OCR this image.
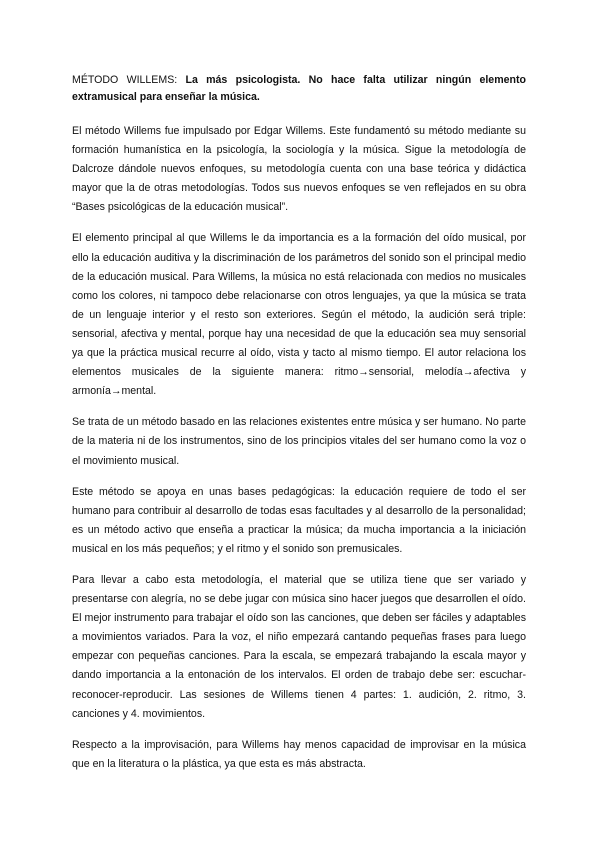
MÉTODO WILLEMS: La más psicologista. No hace falta utilizar ningún elemento extramusical para enseñar la música.

El método Willems fue impulsado por Edgar Willems. Este fundamentó su método mediante su formación humanística en la psicología, la sociología y la música. Sigue la metodología de Dalcroze dándole nuevos enfoques, su metodología cuenta con una base teórica y didáctica mayor que la de otras metodologías. Todos sus nuevos enfoques se ven reflejados en su obra “Bases psicológicas de la educación musical”.

El elemento principal al que Willems le da importancia es a la formación del oído musical, por ello la educación auditiva y la discriminación de los parámetros del sonido son el principal medio de la educación musical. Para Willems, la música no está relacionada con medios no musicales como los colores, ni tampoco debe relacionarse con otros lenguajes, ya que la música se trata de un lenguaje interior y el resto son exteriores. Según el método, la audición será triple: sensorial, afectiva y mental, porque hay una necesidad de que la educación sea muy sensorial ya que la práctica musical recurre al oído, vista y tacto al mismo tiempo. El autor relaciona los elementos musicales de la siguiente manera: ritmo→sensorial, melodía→afectiva y armonía→mental.

Se trata de un método basado en las relaciones existentes entre música y ser humano. No parte de la materia ni de los instrumentos, sino de los principios vitales del ser humano como la voz o el movimiento musical.

Este método se apoya en unas bases pedagógicas: la educación requiere de todo el ser humano para contribuir al desarrollo de todas esas facultades y al desarrollo de la personalidad; es un método activo que enseña a practicar la música; da mucha importancia a la iniciación musical en los más pequeños; y el ritmo y el sonido son premusicales.

Para llevar a cabo esta metodología, el material que se utiliza tiene que ser variado y presentarse con alegría, no se debe jugar con música sino hacer juegos que desarrollen el oído. El mejor instrumento para trabajar el oído son las canciones, que deben ser fáciles y adaptables a movimientos variados. Para la voz, el niño empezará cantando pequeñas frases para luego empezar con pequeñas canciones. Para la escala, se empezará trabajando la escala mayor y dando importancia a la entonación de los intervalos. El orden de trabajo debe ser: escuchar-reconocer-reproducir. Las sesiones de Willems tienen 4 partes: 1. audición, 2. ritmo, 3. canciones y 4. movimientos.

Respecto a la improvisación, para Willems hay menos capacidad de improvisar en la música que en la literatura o la plástica, ya que esta es más abstracta.
